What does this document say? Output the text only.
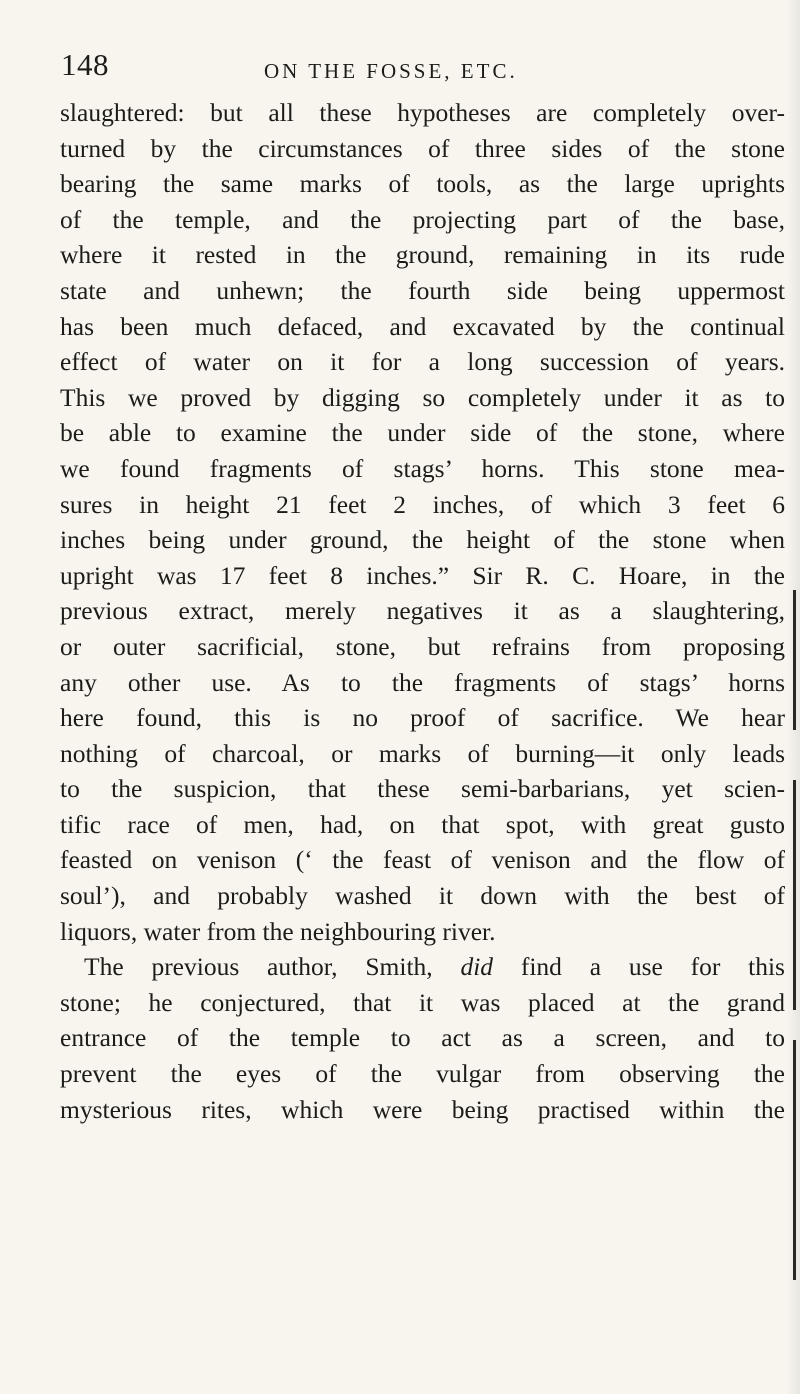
148	ON THE FOSSE, ETC.
slaughtered: but all these hypotheses are completely over-
turned by the circumstances of three sides of the stone
bearing the same marks of tools, as the large uprights
of the temple, and the projecting part of the base,
where it rested in the ground, remaining in its rude
state and unhewn; the fourth side being uppermost
has been much defaced, and excavated by the continual
effect of water on it for a long succession of years.
This we proved by digging so completely under it as to
be able to examine the under side of the stone, where
we found fragments of stags’ horns. This stone mea-
sures in height 21 feet 2 inches, of which 3 feet 6
inches being under ground, the height of the stone when
upright was 17 feet 8 inches.” Sir R. C. Hoare, in the
previous extract, merely negatives it as a slaughtering,
or outer sacrificial, stone, but refrains from proposing
any other use. As to the fragments of stags’ horns
here found, this is no proof of sacrifice. We hear
nothing of charcoal, or marks of burning—it only leads
to the suspicion, that these semi-barbarians, yet scien-
tific race of men, had, on that spot, with great gusto
feasted on venison (‘ the feast of venison and the flow of
soul’), and probably washed it down with the best of
liquors, water from the neighbouring river.
The previous author, Smith, did find a use for this
stone; he conjectured, that it was placed at the grand
entrance of the temple to act as a screen, and to
prevent the eyes of the vulgar from observing the
mysterious rites, which were being practised within the
